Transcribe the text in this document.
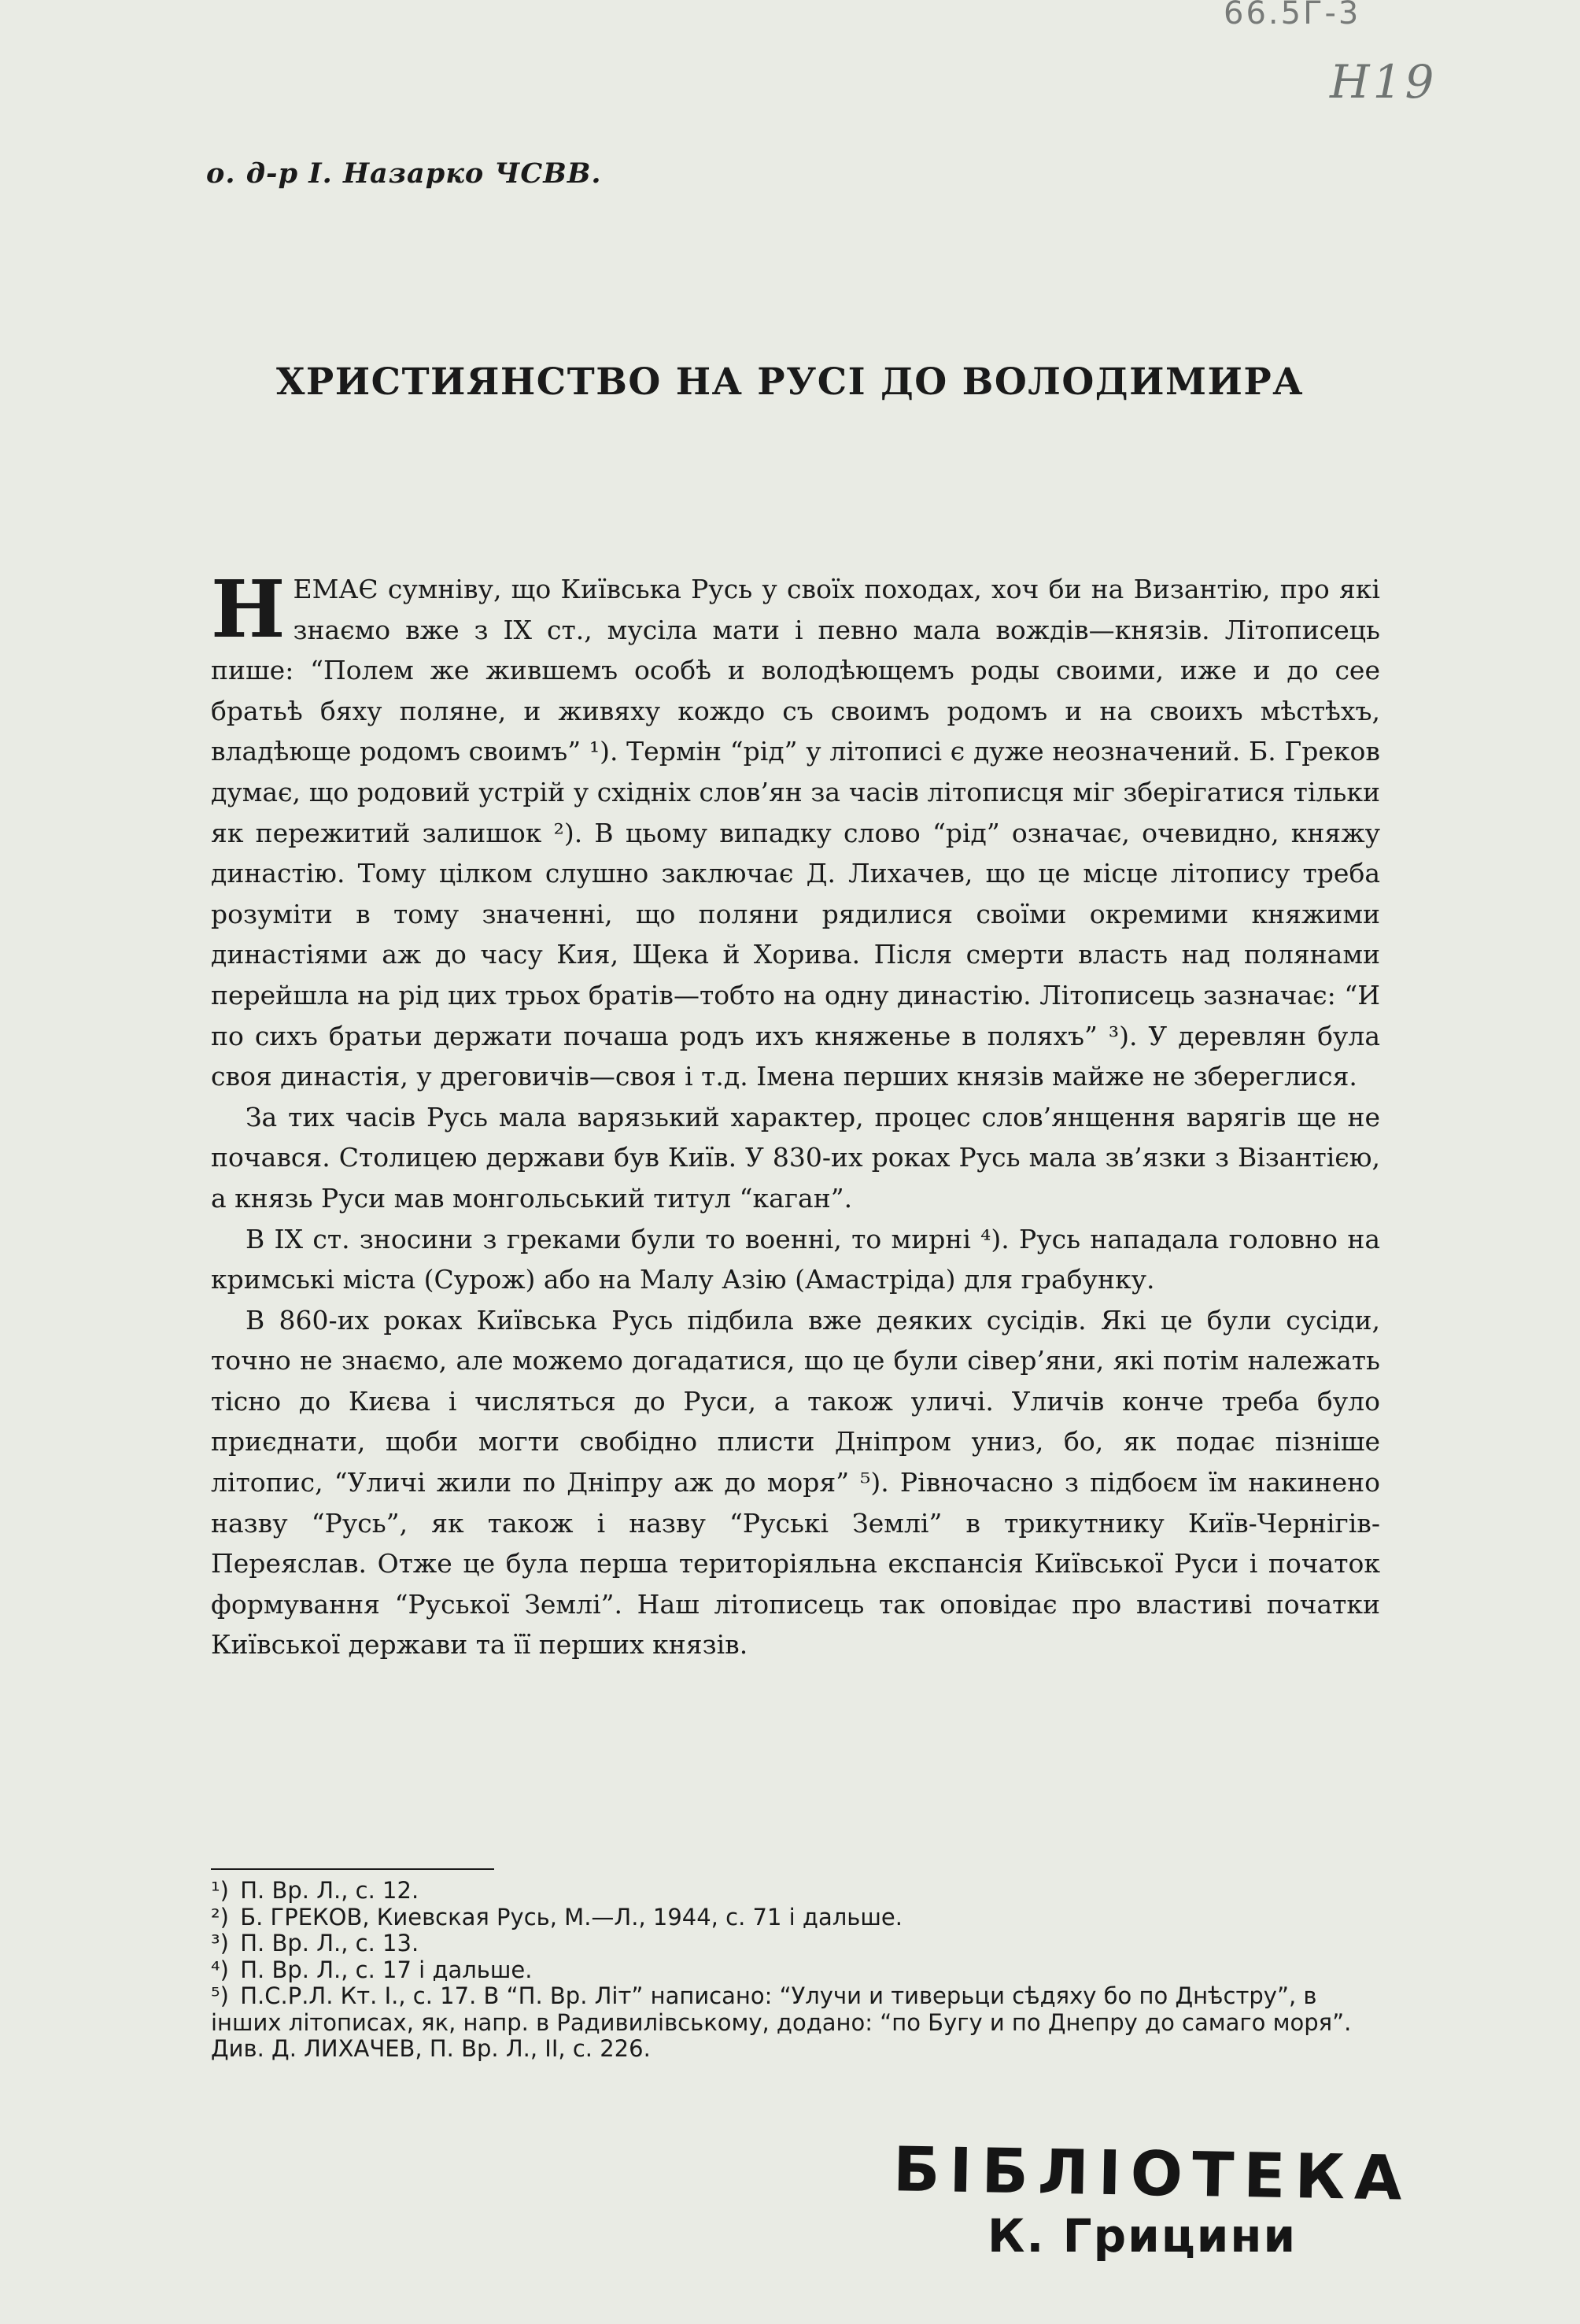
66.5Г-3
Н19
о. д-р І. Назарко ЧСВВ.
ХРИСТИЯНСТВО НА РУСІ ДО ВОЛОДИМИРА

НЕМАЄ сумніву, що Київська Русь у своїх походах, хоч би на Византію, про які знаємо вже з IX ст., мусіла мати і певно мала вождів—князів. Літописець пише: “Полем же жившемъ особѣ и володѣющемъ роды своими, иже и до сее братьѣ бяху поляне, и живяху кождо съ своимъ родомъ и на своихъ мѣстѣхъ, владѣюще родомъ своимъ” ¹). Термін “рід” у літописі є дуже неозначений. Б. Греков думає, що родовий устрій у східніх слов’ян за часів літописця міг зберігатися тільки як пережитий залишок ²). В цьому випадку слово “рід” означає, очевидно, княжу династію. Тому цілком слушно заключає Д. Лихачев, що це місце літопису треба розуміти в тому значенні, що поляни рядилися своїми окремими княжими династіями аж до часу Кия, Щека й Хорива. Після смерти власть над полянами перейшла на рід цих трьох братів—тобто на одну династію. Літописець зазначає: “И по сихъ братьи держати почаша родъ ихъ княженье в поляхъ” ³). У деревлян була своя династія, у дреговичів—своя і т.д. Імена перших князів майже не збереглися.

За тих часів Русь мала варязький характер, процес слов’янщення варягів ще не почався. Столицею держави був Київ. У 830-их роках Русь мала зв’язки з Візантією, а князь Руси мав монгольський титул “каган”.

В IX ст. зносини з греками були то военні, то мирні ⁴). Русь нападала головно на кримські міста (Сурож) або на Малу Азію (Амастріда) для грабунку.

В 860-их роках Київська Русь підбила вже деяких сусідів. Які це були сусіди, точно не знаємо, але можемо догадатися, що це були сівер’яни, які потім належать тісно до Києва і числяться до Руси, а також уличі. Уличів конче треба було приєднати, щоби могти свобідно плисти Дніпром униз, бо, як подає пізніше літопис, “Уличі жили по Дніпру аж до моря” ⁵). Рівночасно з підбоєм їм накинено назву “Русь”, як також і назву “Руські Землі” в трикутнику Київ-Чернігів-Переяслав. Отже це була перша територіяльна експансія Київської Руси і початок формування “Руської Землі”. Наш літописець так оповідає про властиві початки Київської держави та її перших князів.

¹) П. Вр. Л., с. 12.

²) Б. ГРЕКОВ, Киевская Русь, М.—Л., 1944, с. 71 і дальше.

³) П. Вр. Л., с. 13.

⁴) П. Вр. Л., с. 17 і дальше.

⁵) П.С.Р.Л. Кт. І., с. 17. В “П. Вр. Літ” написано: “Улучи и тиверьци сѣдяху бо по Днѣстру”, в інших літописах, як, напр. в Радивилівському, додано: “по Бугу и по Днепру до самаго моря”. Див. Д. ЛИХАЧЕВ, П. Вр. Л., ІІ, с. 226.

БІБЛІОТЕКА
К. Грицини
